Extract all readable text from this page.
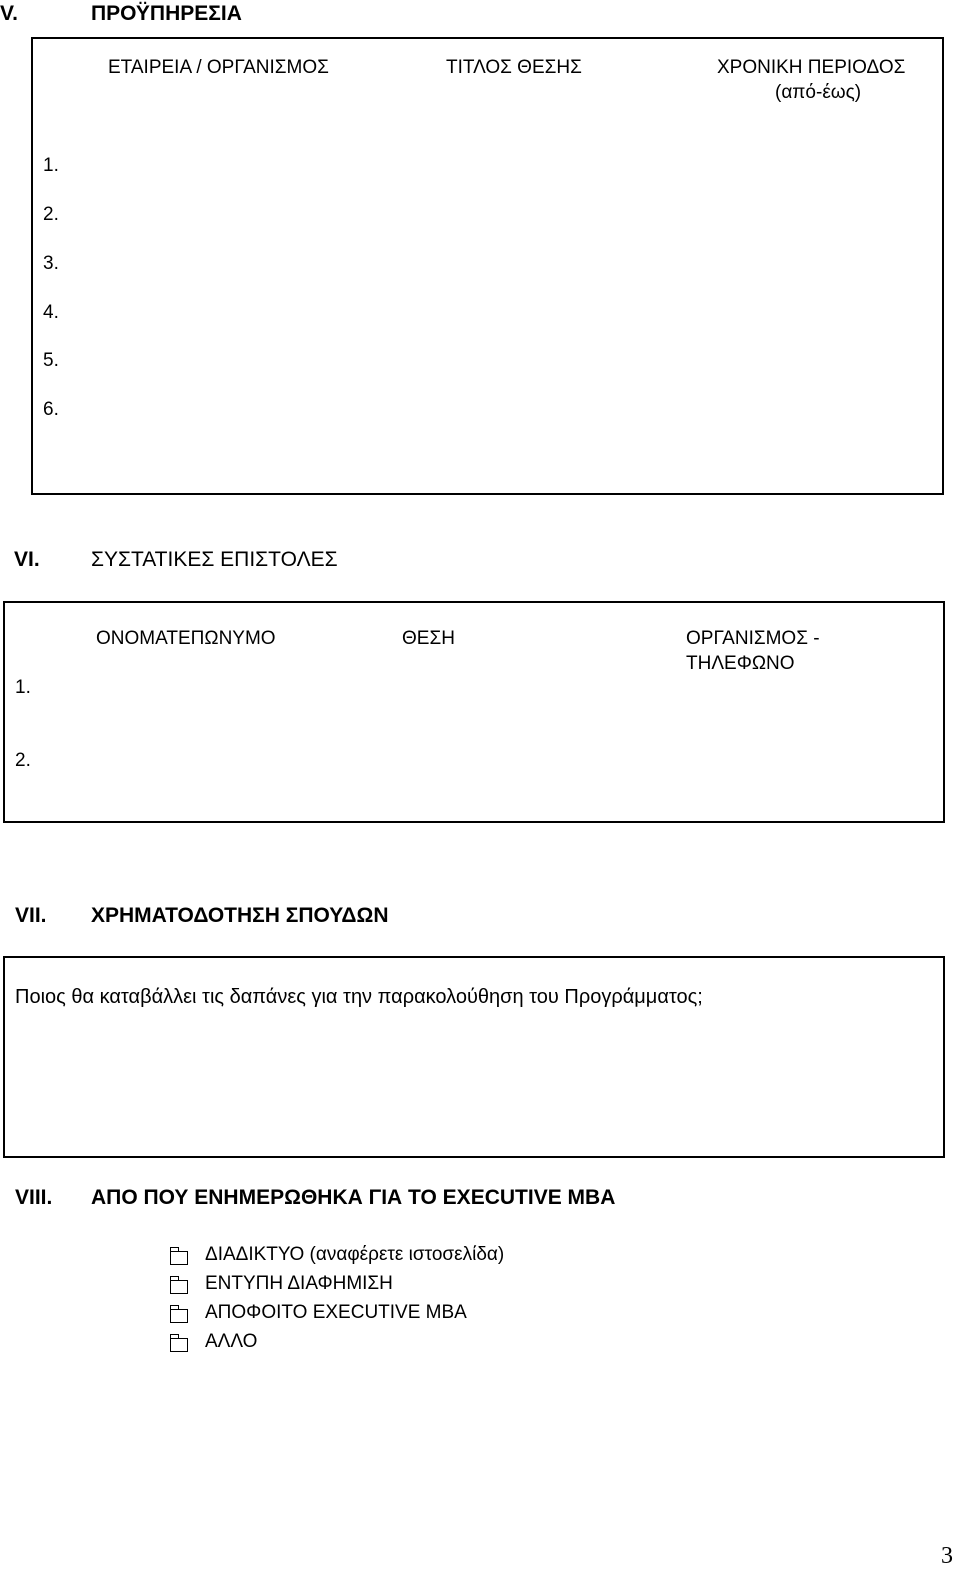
V.	ΠΡΟΫΠΗΡΕΣΙΑ
ΕΤΑΙΡΕΙΑ / ΟΡΓΑΝΙΣΜΟΣ	ΤΙΤΛΟΣ ΘΕΣΗΣ	ΧΡΟΝΙΚΗ ΠΕΡΙΟΔΟΣ
(από-έως)
1.
2.
3.
4.
5.
6.
VI. ΣΥΣΤΑΤΙΚΕΣ ΕΠΙΣΤΟΛΕΣ
ΟΝΟΜΑΤΕΠΩΝΥΜΟ	ΘΕΣΗ	ΟΡΓΑΝΙΣΜΟΣ -
ΤΗΛΕΦΩΝΟ
1.
2.
VII. ΧΡΗΜΑΤΟΔΟΤΗΣΗ ΣΠΟΥΔΩΝ
Ποιος θα καταβάλλει τις δαπάνες για την παρακολούθηση του Προγράμματος;
VIII. ΑΠΟ ΠΟΥ ΕΝΗΜΕΡΩΘΗΚΑ ΓΙΑ ΤΟ EXECUTIVE MBA
ΔΙΑΔΙΚΤΥΟ (αναφέρετε ιστοσελίδα)
ΕΝΤΥΠΗ ΔΙΑΦΗΜΙΣΗ
ΑΠΟΦΟΙΤΟ EXECUTIVE MBA
ΑΛΛΟ
3
